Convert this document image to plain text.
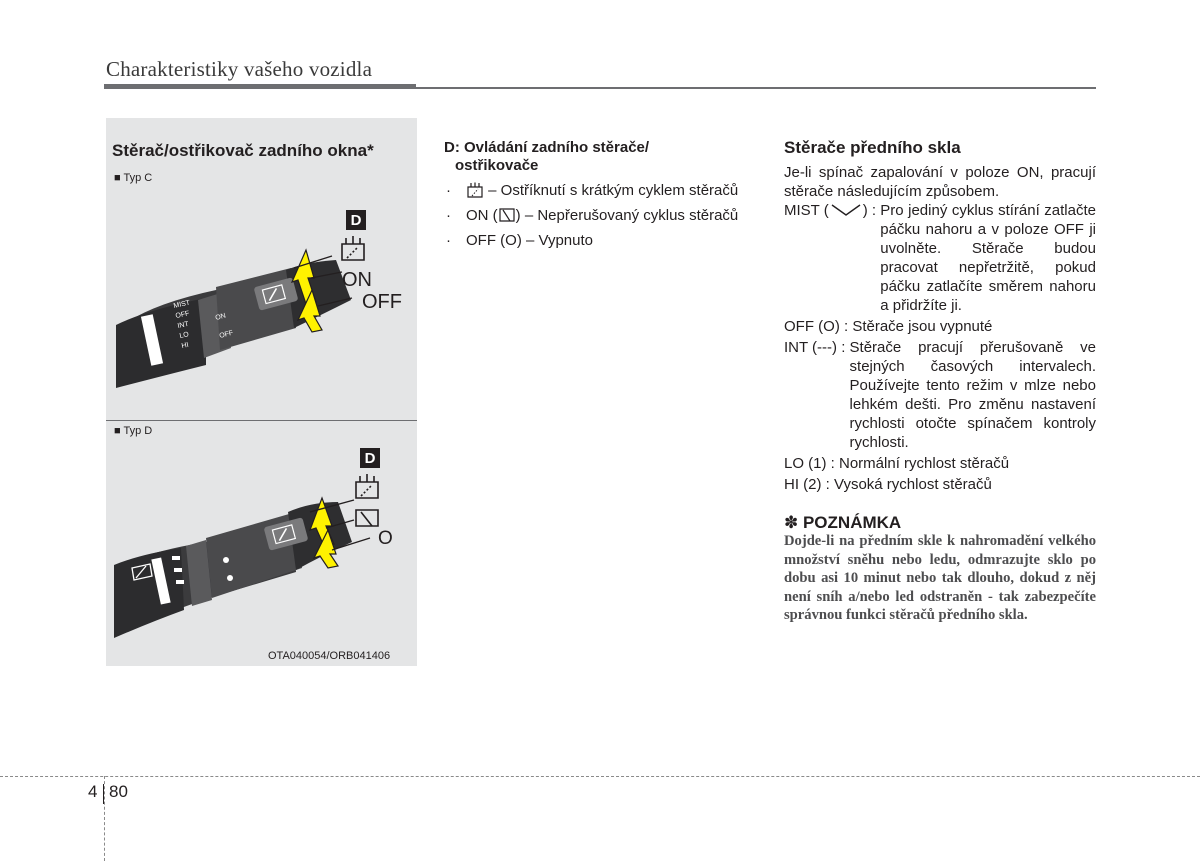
Charakteristiky vašeho vozidla
Stěrač/ostřikovač zadního okna*
■ Typ C
MIST
OFF
INT
LO
HI
ON
OFF
D
ON
OFF
■ Typ D
D
O
OTA040054/ORB041406
D: Ovládání zadního stěrače/
ostřikovače
·	– Ostříknutí s krátkým cyklem stěračů
·	ON ( ) – Nepřerušovaný cyklus stěračů
·	OFF (O) – Vypnuto
Stěrače předního skla

Je-li spínač zapalování v poloze ON, pracují stěrače následujícím způsobem.

MIST ( ) : Pro jediný cyklus stírání zatlačte páčku nahoru a v poloze OFF ji uvolněte. Stěrače budou pracovat nepřetržitě, pokud páčku zatlačíte směrem nahoru a přidržíte ji.

OFF (O) : Stěrače jsou vypnuté

INT (---) : Stěrače pracují přerušovaně ve stejných časových intervalech. Používejte tento režim v mlze nebo lehkém dešti. Pro změnu nastavení rychlosti otočte spínačem kontroly rychlosti.

LO (1) : Normální rychlost stěračů

HI (2) : Vysoká rychlost stěračů

✽ POZNÁMKA
Dojde-li na předním skle k nahromadění velkého množství sněhu nebo ledu, odmrazujte sklo po dobu asi 10 minut nebo tak dlouho, dokud z něj není sníh a/nebo led odstraněn - tak zabezpečíte správnou funkci stěračů předního skla.
4 80
